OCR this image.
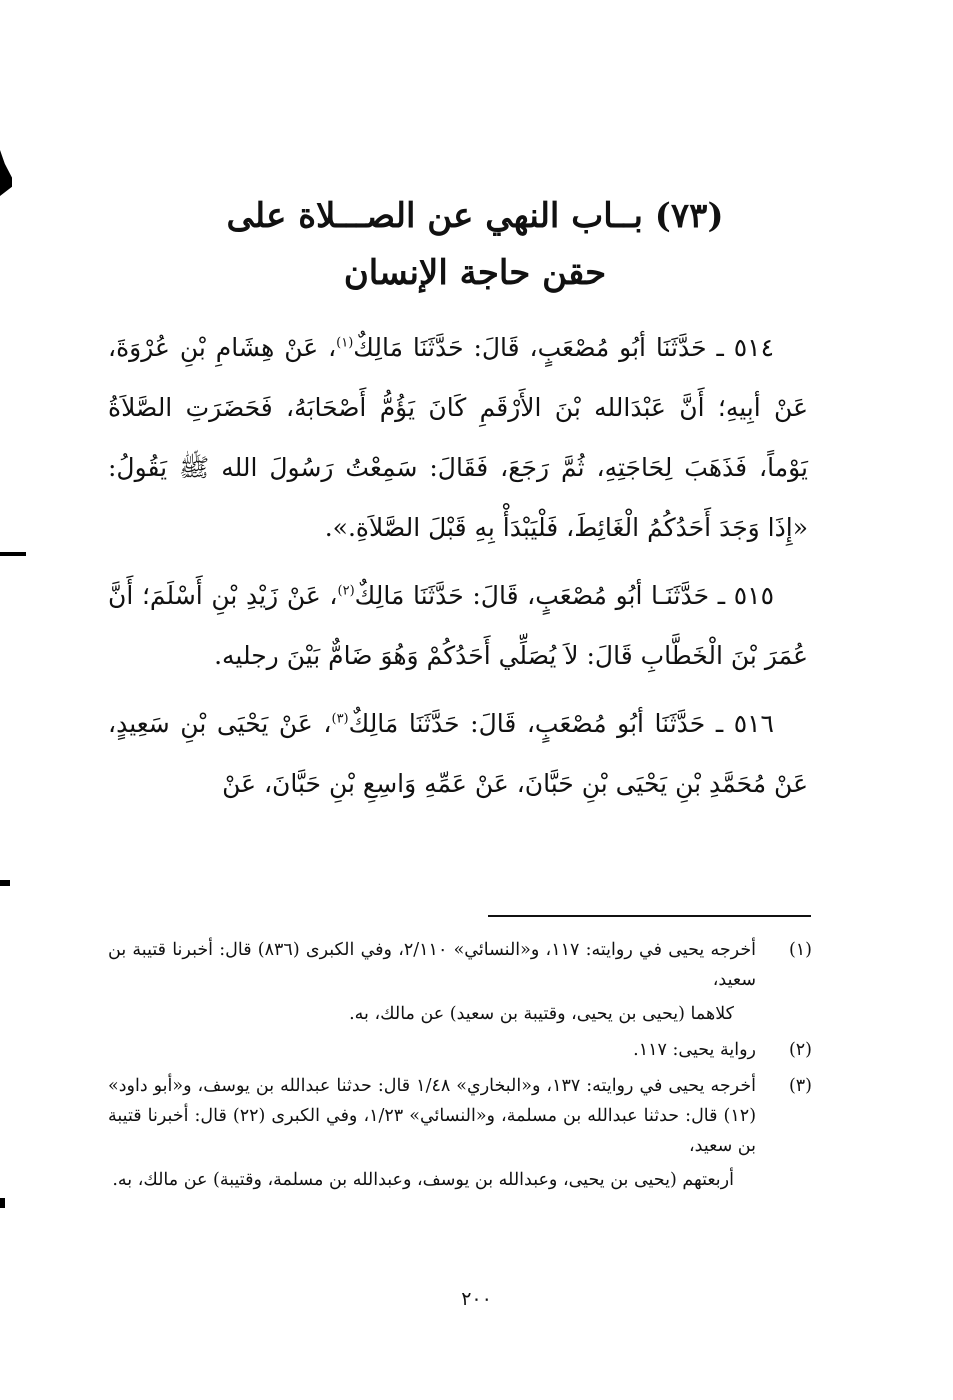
(٧٣) بــاب النهي عن الصـــلاة على
حقن حاجة الإنسان

٥١٤ ـ حَدَّثَنَا أبُو مُصْعَبٍ، قَالَ: حَدَّثَنَا مَالِكٌ$^{(١)}$، عَنْ هِشَامِ بْنِ عُرْوَةَ، عَنْ أبِيهِ؛ أَنَّ عَبْدَالله بْنَ الأَرْقَمِ كَانَ يَؤُمُّ أَصْحَابَهُ، فَحَضَرَتِ الصَّلاَةُ يَوْماً، فَذَهَبَ لِحَاجَتِهِ، ثُمَّ رَجَعَ، فَقَالَ: سَمِعْتُ رَسُولَ الله ﷺ يَقُولُ: «إِذَا وَجَدَ أَحَدُكُمُ الْغَائِطَ، فَلْيَبْدَأْ بِهِ قَبْلَ الصَّلاَةِ.».

٥١٥ ـ حَدَّثَنَـا أبُو مُصْعَبٍ، قَالَ: حَدَّثَنَا مَالِكٌ$^{(٢)}$، عَنْ زَيْدِ بْنِ أَسْلَمَ؛ أَنَّ عُمَرَ بْنَ الْخَطَّابِ قَالَ: لاَ يُصَلِّي أَحَدُكُمْ وَهُوَ ضَامٌّ بَيْنَ رجليه.

٥١٦ ـ حَدَّثَنَا أبُو مُصْعَبٍ، قَالَ: حَدَّثَنَا مَالِكٌ$^{(٣)}$، عَنْ يَحْيَى بْنِ سَعِيدٍ، عَنْ مُحَمَّدِ بْنِ يَحْيَى بْنِ حَبَّانَ، عَنْ عَمِّهِ وَاسِعِ بْنِ حَبَّانَ، عَنْ

(١)
أخرجه يحيى في روايته: ١١٧، و«النسائي» ٢/١١٠، وفي الكبرى (٨٣٦) قال: أخبرنا قتيبة بن سعيد،
كلاهما (يحيى بن يحيى، وقتيبة بن سعيد) عن مالك، به.
(٢)
رواية يحيى: ١١٧.
(٣)
أخرجه يحيى في روايته: ١٣٧، و«البخاري» ١/٤٨ قال: حدثنا عبدالله بن يوسف، و«أبو داود» (١٢) قال: حدثنا عبدالله بن مسلمة، و«النسائي» ١/٢٣، وفي الكبرى (٢٢) قال: أخبرنا قتيبة بن سعيد،
أربعتهم (يحيى بن يحيى، وعبدالله بن يوسف، وعبدالله بن مسلمة، وقتيبة) عن مالك، به.
٢٠٠
